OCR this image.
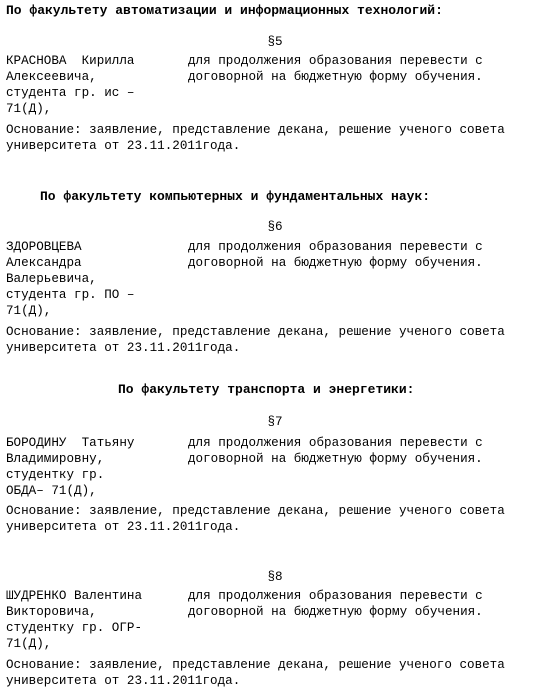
По факультету автоматизации и информационных технологий:
§5
КРАСНОВА  Кирилла
Алексеевича,
студента гр. ис –
71(Д),
для продолжения образования перевести с
договорной на бюджетную форму обучения.
Основание: заявление, представление декана, решение ученого совета
университета от 23.11.2011года.
По факультету компьютерных и фундаментальных наук:
§6
ЗДОРОВЦЕВА
Александра
Валерьевича,
студента гр. ПО –
71(Д),
для продолжения образования перевести с
договорной на бюджетную форму обучения.
Основание: заявление, представление декана, решение ученого совета
университета от 23.11.2011года.
По факультету транспорта и энергетики:
§7
БОРОДИНУ  Татьяну
Владимировну,
студентку гр.
ОБДА– 71(Д),
для продолжения образования перевести с
договорной на бюджетную форму обучения.
Основание: заявление, представление декана, решение ученого совета
университета от 23.11.2011года.
§8
ШУДРЕНКО Валентина
Викторовича,
студентку гр. ОГР-
71(Д),
для продолжения образования перевести с
договорной на бюджетную форму обучения.
Основание: заявление, представление декана, решение ученого совета
университета от 23.11.2011года.
